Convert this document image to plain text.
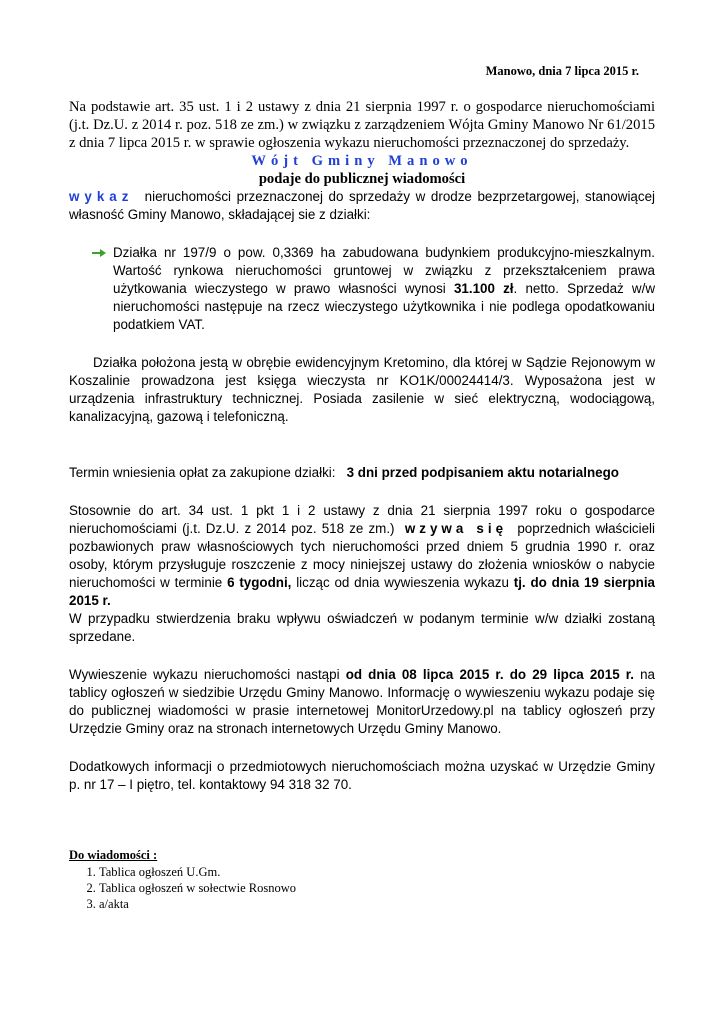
Manowo, dnia 7 lipca 2015 r.

Na podstawie art. 35 ust. 1 i 2 ustawy z dnia 21 sierpnia 1997 r. o gospodarce nieruchomościami (j.t. Dz.U. z 2014 r. poz. 518 ze zm.) w związku z zarządzeniem Wójta Gminy Manowo Nr 61/2015 z dnia 7 lipca 2015 r. w sprawie ogłoszenia wykazu nieruchomości przeznaczonej do sprzedaży.

Wójt Gminy Manowo

podaje do publicznej wiadomości

wykaz nieruchomości przeznaczonej do sprzedaży w drodze bezprzetargowej, stanowiącej własność Gminy Manowo, składającej sie z działki:

Działka nr 197/9 o pow. 0,3369 ha zabudowana budynkiem produkcyjno-mieszkalnym. Wartość rynkowa nieruchomości gruntowej w związku z przekształceniem prawa użytkowania wieczystego w prawo własności wynosi 31.100 zł. netto. Sprzedaż w/w nieruchomości następuje na rzecz wieczystego użytkownika i nie podlega opodatkowaniu podatkiem VAT.

Działka położona jestą w obrębie ewidencyjnym Kretomino, dla której w Sądzie Rejonowym w Koszalinie prowadzona jest księga wieczysta nr KO1K/00024414/3. Wyposażona jest w urządzenia infrastruktury technicznej. Posiada zasilenie w sieć elektryczną, wodociągową, kanalizacyjną, gazową i telefoniczną.

Termin wniesienia opłat za zakupione działki: 3 dni przed podpisaniem aktu notarialnego

Stosownie do art. 34 ust. 1 pkt 1 i 2 ustawy z dnia 21 sierpnia 1997 roku o gospodarce nieruchomościami (j.t. Dz.U. z 2014 poz. 518 ze zm.) wzywa się poprzednich właścicieli pozbawionych praw własnościowych tych nieruchomości przed dniem 5 grudnia 1990 r. oraz osoby, którym przysługuje roszczenie z mocy niniejszej ustawy do złożenia wniosków o nabycie nieruchomości w terminie 6 tygodni, licząc od dnia wywieszenia wykazu tj. do dnia 19 sierpnia 2015 r.

W przypadku stwierdzenia braku wpływu oświadczeń w podanym terminie w/w działki zostaną sprzedane.

Wywieszenie wykazu nieruchomości nastąpi od dnia 08 lipca 2015 r. do 29 lipca 2015 r. na tablicy ogłoszeń w siedzibie Urzędu Gminy Manowo. Informację o wywieszeniu wykazu podaje się do publicznej wiadomości w prasie internetowej MonitorUrzedowy.pl na tablicy ogłoszeń przy Urzędzie Gminy oraz na stronach internetowych Urzędu Gminy Manowo.

Dodatkowych informacji o przedmiotowych nieruchomościach można uzyskać w Urzędzie Gminy p. nr 17 – I piętro, tel. kontaktowy 94 318 32 70.

Do wiadomości :

1. Tablica ogłoszeń U.Gm.
2. Tablica ogłoszeń w sołectwie Rosnowo
3. a/akta
